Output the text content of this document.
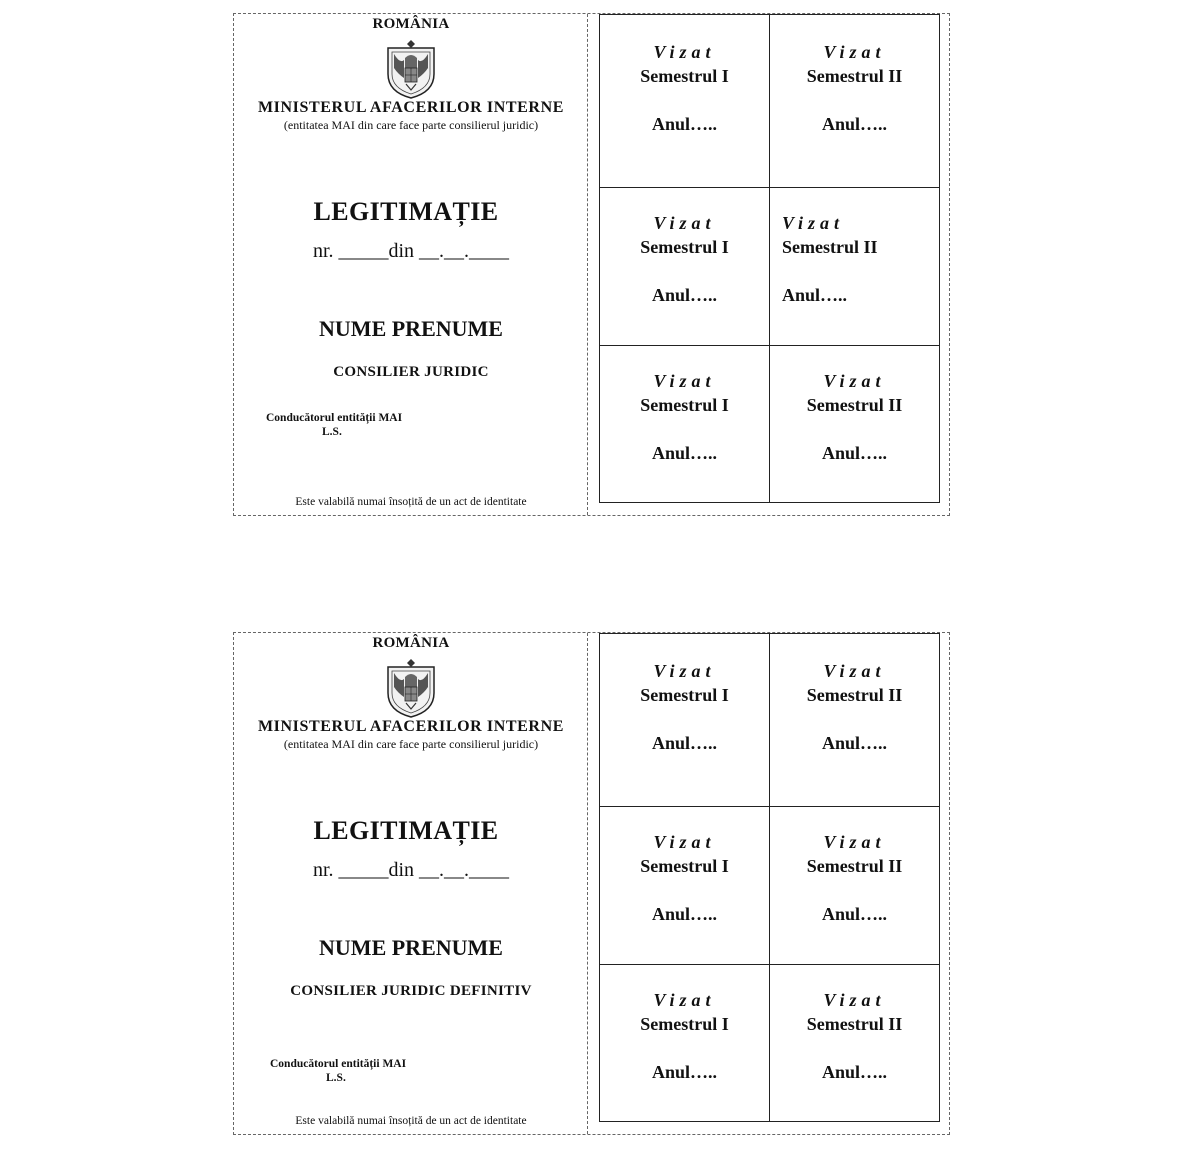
ROMÂNIA
MINISTERUL AFACERILOR INTERNE
(entitatea MAI din care face parte consilierul juridic)
LEGITIMAȚIE
nr. _____din __.__.____
NUME PRENUME
CONSILIER JURIDIC
Conducătorul entității MAI
L.S.
Este valabilă numai însoțită de un act de identitate
Vizat
Semestrul I
Anul…..
Vizat
Semestrul II
Anul…..
Vizat
Semestrul I
Anul…..
Vizat
Semestrul II
Anul…..
Vizat
Semestrul I
Anul…..
Vizat
Semestrul II
Anul…..
ROMÂNIA
MINISTERUL AFACERILOR INTERNE
(entitatea MAI din care face parte consilierul juridic)
LEGITIMAȚIE
nr. _____din __.__.____
NUME PRENUME
CONSILIER JURIDIC DEFINITIV
Conducătorul entității MAI
L.S.
Este valabilă numai însoțită de un act de identitate
Vizat
Semestrul I
Anul…..
Vizat
Semestrul II
Anul…..
Vizat
Semestrul I
Anul…..
Vizat
Semestrul II
Anul…..
Vizat
Semestrul I
Anul…..
Vizat
Semestrul II
Anul…..
